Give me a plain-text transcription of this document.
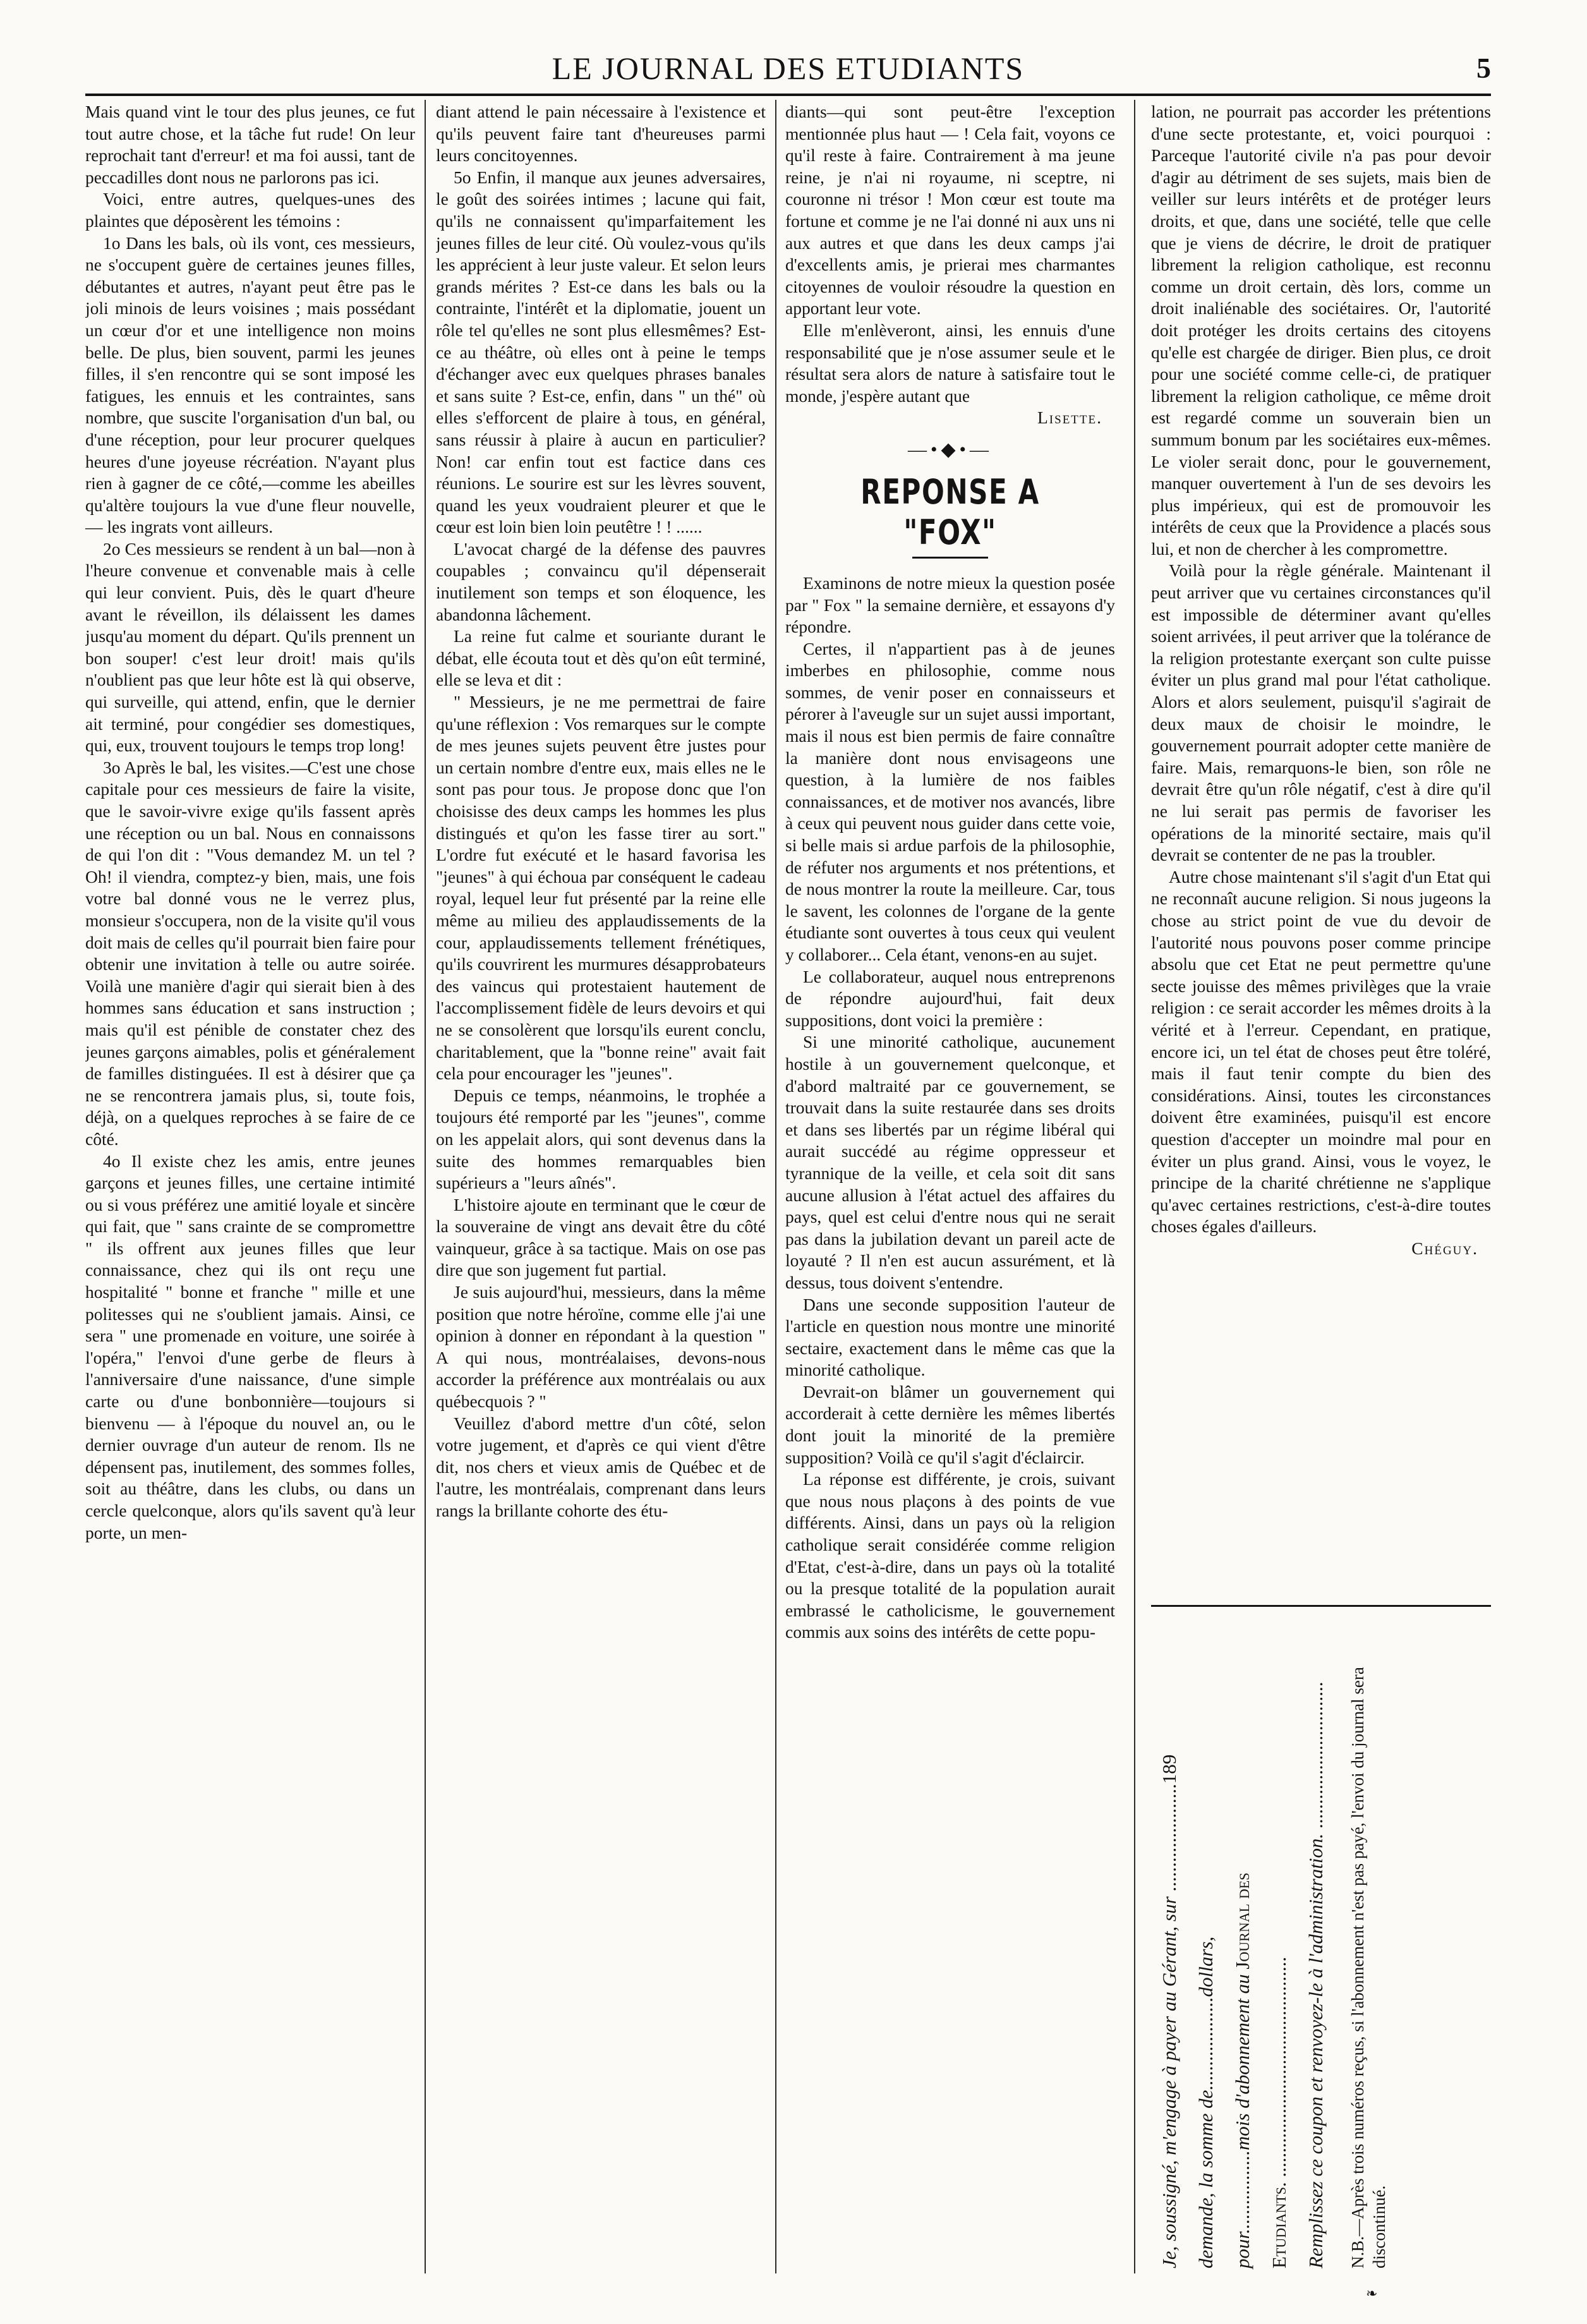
LE JOURNAL DES ETUDIANTS	5

Mais quand vint le tour des plus jeunes, ce fut tout autre chose, et la tâche fut rude! On leur reprochait tant d'erreur! et ma foi aussi, tant de peccadilles dont nous ne parlorons pas ici.

Voici, entre autres, quelques-unes des plaintes que déposèrent les témoins :

1o Dans les bals, où ils vont, ces messieurs, ne s'occupent guère de certaines jeunes filles, débutantes et autres, n'ayant peut être pas le joli minois de leurs voisines ; mais possédant un cœur d'or et une intelligence non moins belle. De plus, bien souvent, parmi les jeunes filles, il s'en rencontre qui se sont imposé les fatigues, les ennuis et les contraintes, sans nombre, que suscite l'organisation d'un bal, ou d'une réception, pour leur procurer quelques heures d'une joyeuse récréation. N'ayant plus rien à gagner de ce côté,—comme les abeilles qu'altère toujours la vue d'une fleur nouvelle, — les ingrats vont ailleurs.

2o Ces messieurs se rendent à un bal—non à l'heure convenue et convenable mais à celle qui leur convient. Puis, dès le quart d'heure avant le réveillon, ils délaissent les dames jusqu'au moment du départ. Qu'ils prennent un bon souper! c'est leur droit! mais qu'ils n'oublient pas que leur hôte est là qui observe, qui surveille, qui attend, enfin, que le dernier ait terminé, pour congédier ses domestiques, qui, eux, trouvent toujours le temps trop long!

3o Après le bal, les visites.—C'est une chose capitale pour ces messieurs de faire la visite, que le savoir-vivre exige qu'ils fassent après une réception ou un bal. Nous en connaissons de qui l'on dit : "Vous demandez M. un tel ? Oh! il viendra, comptez-y bien, mais, une fois votre bal donné vous ne le verrez plus, monsieur s'occupera, non de la visite qu'il vous doit mais de celles qu'il pourrait bien faire pour obtenir une invitation à telle ou autre soirée. Voilà une manière d'agir qui sierait bien à des hommes sans éducation et sans instruction ; mais qu'il est pénible de constater chez des jeunes garçons aimables, polis et généralement de familles distinguées. Il est à désirer que ça ne se rencontrera jamais plus, si, toute fois, déjà, on a quelques reproches à se faire de ce côté.

4o Il existe chez les amis, entre jeunes garçons et jeunes filles, une certaine intimité ou si vous préférez une amitié loyale et sincère qui fait, que " sans crainte de se compromettre " ils offrent aux jeunes filles que leur connaissance, chez qui ils ont reçu une hospitalité " bonne et franche " mille et une politesses qui ne s'oublient jamais. Ainsi, ce sera " une promenade en voiture, une soirée à l'opéra," l'envoi d'une gerbe de fleurs à l'anniversaire d'une naissance, d'une simple carte ou d'une bonbonnière—toujours si bienvenu — à l'époque du nouvel an, ou le dernier ouvrage d'un auteur de renom. Ils ne dépensent pas, inutilement, des sommes folles, soit au théâtre, dans les clubs, ou dans un cercle quelconque, alors qu'ils savent qu'à leur porte, un men-

diant attend le pain nécessaire à l'existence et qu'ils peuvent faire tant d'heureuses parmi leurs concitoyennes.

5o Enfin, il manque aux jeunes adversaires, le goût des soirées intimes ; lacune qui fait, qu'ils ne connaissent qu'imparfaitement les jeunes filles de leur cité. Où voulez-vous qu'ils les apprécient à leur juste valeur. Et selon leurs grands mérites ? Est-ce dans les bals ou la contrainte, l'intérêt et la diplomatie, jouent un rôle tel qu'elles ne sont plus ellesmêmes? Est-ce au théâtre, où elles ont à peine le temps d'échanger avec eux quelques phrases banales et sans suite ? Est-ce, enfin, dans " un thé" où elles s'efforcent de plaire à tous, en général, sans réussir à plaire à aucun en particulier? Non! car enfin tout est factice dans ces réunions. Le sourire est sur les lèvres souvent, quand les yeux voudraient pleurer et que le cœur est loin bien loin peutêtre ! ! ......

L'avocat chargé de la défense des pauvres coupables ; convaincu qu'il dépenserait inutilement son temps et son éloquence, les abandonna lâchement.

La reine fut calme et souriante durant le débat, elle écouta tout et dès qu'on eût terminé, elle se leva et dit :

" Messieurs, je ne me permettrai de faire qu'une réflexion : Vos remarques sur le compte de mes jeunes sujets peuvent être justes pour un certain nombre d'entre eux, mais elles ne le sont pas pour tous. Je propose donc que l'on choisisse des deux camps les hommes les plus distingués et qu'on les fasse tirer au sort." L'ordre fut exécuté et le hasard favorisa les "jeunes" à qui échoua par conséquent le cadeau royal, lequel leur fut présenté par la reine elle même au milieu des applaudissements de la cour, applaudissements tellement frénétiques, qu'ils couvrirent les murmures désapprobateurs des vaincus qui protestaient hautement de l'accomplissement fidèle de leurs devoirs et qui ne se consolèrent que lorsqu'ils eurent conclu, charitablement, que la "bonne reine" avait fait cela pour encourager les "jeunes".

Depuis ce temps, néanmoins, le trophée a toujours été remporté par les "jeunes", comme on les appelait alors, qui sont devenus dans la suite des hommes remarquables bien supérieurs a "leurs aînés".

L'histoire ajoute en terminant que le cœur de la souveraine de vingt ans devait être du côté vainqueur, grâce à sa tactique. Mais on ose pas dire que son jugement fut partial.

Je suis aujourd'hui, messieurs, dans la même position que notre héroïne, comme elle j'ai une opinion à donner en répondant à la question " A qui nous, montréalaises, devons-nous accorder la préférence aux montréalais ou aux québecquois ? "

Veuillez d'abord mettre d'un côté, selon votre jugement, et d'après ce qui vient d'être dit, nos chers et vieux amis de Québec et de l'autre, les montréalais, comprenant dans leurs rangs la brillante cohorte des étu-

diants—qui sont peut-être l'exception mentionnée plus haut — ! Cela fait, voyons ce qu'il reste à faire. Contrairement à ma jeune reine, je n'ai ni royaume, ni sceptre, ni couronne ni trésor ! Mon cœur est toute ma fortune et comme je ne l'ai donné ni aux uns ni aux autres et que dans les deux camps j'ai d'excellents amis, je prierai mes charmantes citoyennes de vouloir résoudre la question en apportant leur vote.

Elle m'enlèveront, ainsi, les ennuis d'une responsabilité que je n'ose assumer seule et le résultat sera alors de nature à satisfaire tout le monde, j'espère autant que

Lisette.

—•◆•—

REPONSE A "FOX"

Examinons de notre mieux la question posée par " Fox " la semaine dernière, et essayons d'y répondre.

Certes, il n'appartient pas à de jeunes imberbes en philosophie, comme nous sommes, de venir poser en connaisseurs et pérorer à l'aveugle sur un sujet aussi important, mais il nous est bien permis de faire connaître la manière dont nous envisageons une question, à la lumière de nos faibles connaissances, et de motiver nos avancés, libre à ceux qui peuvent nous guider dans cette voie, si belle mais si ardue parfois de la philosophie, de réfuter nos arguments et nos prétentions, et de nous montrer la route la meilleure. Car, tous le savent, les colonnes de l'organe de la gente étudiante sont ouvertes à tous ceux qui veulent y collaborer... Cela étant, venons-en au sujet.

Le collaborateur, auquel nous entreprenons de répondre aujourd'hui, fait deux suppositions, dont voici la première :

Si une minorité catholique, aucunement hostile à un gouvernement quelconque, et d'abord maltraité par ce gouvernement, se trouvait dans la suite restaurée dans ses droits et dans ses libertés par un régime libéral qui aurait succédé au régime oppresseur et tyrannique de la veille, et cela soit dit sans aucune allusion à l'état actuel des affaires du pays, quel est celui d'entre nous qui ne serait pas dans la jubilation devant un pareil acte de loyauté ? Il n'en est aucun assurément, et là dessus, tous doivent s'entendre.

Dans une seconde supposition l'auteur de l'article en question nous montre une minorité sectaire, exactement dans le même cas que la minorité catholique.

Devrait-on blâmer un gouvernement qui accorderait à cette dernière les mêmes libertés dont jouit la minorité de la première supposition? Voilà ce qu'il s'agit d'éclaircir.

La réponse est différente, je crois, suivant que nous nous plaçons à des points de vue différents. Ainsi, dans un pays où la religion catholique serait considérée comme religion d'Etat, c'est-à-dire, dans un pays où la totalité ou la presque totalité de la population aurait embrassé le catholicisme, le gouvernement commis aux soins des intérêts de cette popu-

lation, ne pourrait pas accorder les prétentions d'une secte protestante, et, voici pourquoi : Parceque l'autorité civile n'a pas pour devoir d'agir au détriment de ses sujets, mais bien de veiller sur leurs intérêts et de protéger leurs droits, et que, dans une société, telle que celle que je viens de décrire, le droit de pratiquer librement la religion catholique, est reconnu comme un droit certain, dès lors, comme un droit inaliénable des sociétaires. Or, l'autorité doit protéger les droits certains des citoyens qu'elle est chargée de diriger. Bien plus, ce droit pour une société comme celle-ci, de pratiquer librement la religion catholique, ce même droit est regardé comme un souverain bien un summum bonum par les sociétaires eux-mêmes. Le violer serait donc, pour le gouvernement, manquer ouvertement à l'un de ses devoirs les plus impérieux, qui est de promouvoir les intérêts de ceux que la Providence a placés sous lui, et non de chercher à les compromettre.

Voilà pour la règle générale. Maintenant il peut arriver que vu certaines circonstances qu'il est impossible de déterminer avant qu'elles soient arrivées, il peut arriver que la tolérance de la religion protestante exerçant son culte puisse éviter un plus grand mal pour l'état catholique. Alors et alors seulement, puisqu'il s'agirait de deux maux de choisir le moindre, le gouvernement pourrait adopter cette manière de faire. Mais, remarquons-le bien, son rôle ne devrait être qu'un rôle négatif, c'est à dire qu'il ne lui serait pas permis de favoriser les opérations de la minorité sectaire, mais qu'il devrait se contenter de ne pas la troubler.

Autre chose maintenant s'il s'agit d'un Etat qui ne reconnaît aucune religion. Si nous jugeons la chose au strict point de vue du devoir de l'autorité nous pouvons poser comme principe absolu que cet Etat ne peut permettre qu'une secte jouisse des mêmes privilèges que la vraie religion : ce serait accorder les mêmes droits à la vérité et à l'erreur. Cependant, en pratique, encore ici, un tel état de choses peut être toléré, mais il faut tenir compte du bien des considérations. Ainsi, toutes les circonstances doivent être examinées, puisqu'il est encore question d'accepter un moindre mal pour en éviter un plus grand. Ainsi, vous le voyez, le principe de la charité chrétienne ne s'applique qu'avec certaines restrictions, c'est-à-dire toutes choses égales d'ailleurs.

Chéguy.

Je, soussigné, m'engage à payer au Gérant, sur ......................189
demande, la somme de...................dollars, pour.................mois d'abonnement au Journal des
Etudiants. ............................................. Remplissez ce coupon et renvoyez-le à l'administration. ..............................	N.B.—Après trois numéros reçus, si l'abonnement n'est pas payé, l'envoi du journal sera discontinué.
❧
